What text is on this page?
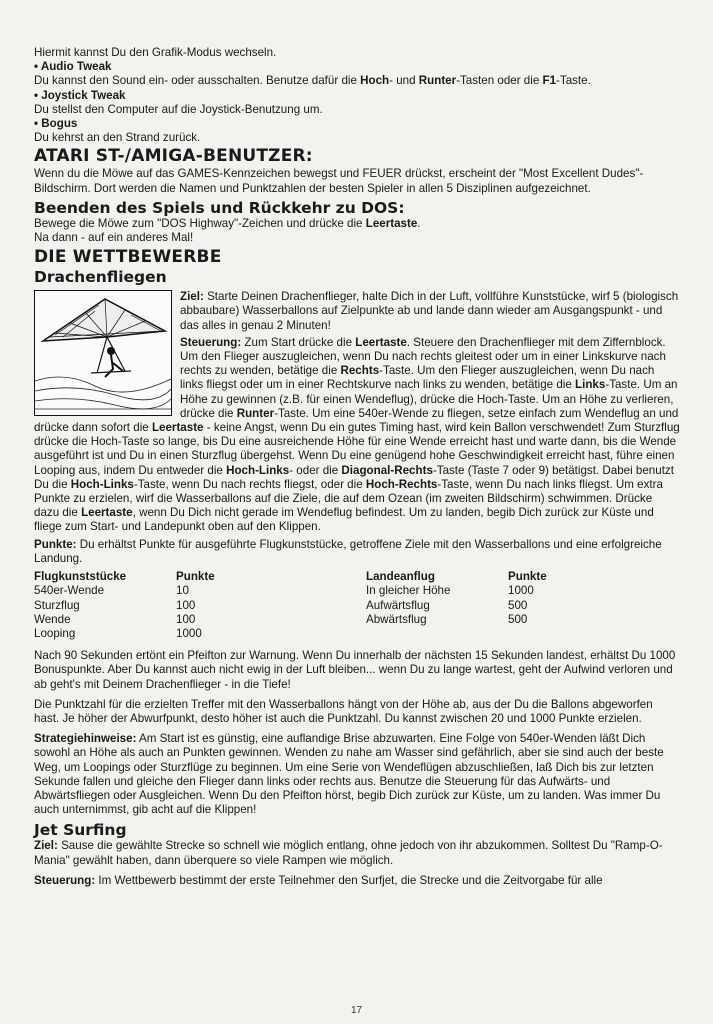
Hiermit kannst Du den Grafik-Modus wechseln.

• Audio Tweak

Du kannst den Sound ein- oder ausschalten. Benutze dafür die Hoch- und Runter-Tasten oder die F1-Taste.

• Joystick Tweak

Du stellst den Computer auf die Joystick-Benutzung um.

• Bogus

Du kehrst an den Strand zurück.

ATARI ST-/AMIGA-BENUTZER:

Wenn du die Möwe auf das GAMES-Kennzeichen bewegst und FEUER drückst, erscheint der "Most Excellent Dudes"-Bildschirm. Dort werden die Namen und Punktzahlen der besten Spieler in allen 5 Disziplinen aufgezeichnet.

Beenden des Spiels und Rückkehr zu DOS:

Bewege die Möwe zum "DOS Highway"-Zeichen und drücke die Leertaste.

Na dann - auf ein anderes Mal!

DIE WETTBEWERBE
Drachenfliegen

Ziel: Starte Deinen Drachenflieger, halte Dich in der Luft, vollführe Kunststücke, wirf 5 (biologisch abbaubare) Wasserballons auf Zielpunkte ab und lande dann wieder am Ausgangspunkt - und das alles in genau 2 Minuten!

Steuerung: Zum Start drücke die Leertaste. Steuere den Drachenflieger mit dem Ziffernblock. Um den Flieger auszugleichen, wenn Du nach rechts gleitest oder um in einer Linkskurve nach rechts zu wenden, betätige die Rechts-Taste. Um den Flieger auszugleichen, wenn Du nach links fliegst oder um in einer Rechtskurve nach links zu wenden, betätige die Links-Taste. Um an Höhe zu gewinnen (z.B. für einen Wendeflug), drücke die Hoch-Taste. Um an Höhe zu verlieren, drücke die Runter-Taste. Um eine 540er-Wende zu fliegen, setze einfach zum Wendeflug an und drücke dann sofort die Leertaste - keine Angst, wenn Du ein gutes Timing hast, wird kein Ballon verschwendet! Zum Sturzflug drücke die Hoch-Taste so lange, bis Du eine ausreichende Höhe für eine Wende erreicht hast und warte dann, bis die Wende ausgeführt ist und Du in einen Sturzflug übergehst. Wenn Du eine genügend hohe Geschwindigkeit erreicht hast, führe einen Looping aus, indem Du entweder die Hoch-Links- oder die Diagonal-Rechts-Taste (Taste 7 oder 9) betätigst. Dabei benutzt Du die Hoch-Links-Taste, wenn Du nach rechts fliegst, oder die Hoch-Rechts-Taste, wenn Du nach links fliegst. Um extra Punkte zu erzielen, wirf die Wasserballons auf die Ziele, die auf dem Ozean (im zweiten Bildschirm) schwimmen. Drücke dazu die Leertaste, wenn Du Dich nicht gerade im Wendeflug befindest. Um zu landen, begib Dich zurück zur Küste und fliege zum Start- und Landepunkt oben auf den Klippen.

Punkte: Du erhältst Punkte für ausgeführte Flugkunststücke, getroffene Ziele mit den Wasserballons und eine erfolgreiche Landung.

Flugkunststücke
540er-Wende
Sturzflug
Wende
Looping
Punkte
10
100
100
1000
Landeanflug
In gleicher Höhe
Aufwärtsflug
Abwärtsflug
Punkte
1000
500
500

Nach 90 Sekunden ertönt ein Pfeifton zur Warnung. Wenn Du innerhalb der nächsten 15 Sekunden landest, erhältst Du 1000 Bonuspunkte. Aber Du kannst auch nicht ewig in der Luft bleiben... wenn Du zu lange wartest, geht der Aufwind verloren und ab geht's mit Deinem Drachenflieger - in die Tiefe!

Die Punktzahl für die erzielten Treffer mit den Wasserballons hängt von der Höhe ab, aus der Du die Ballons abgeworfen hast. Je höher der Abwurfpunkt, desto höher ist auch die Punktzahl. Du kannst zwischen 20 und 1000 Punkte erzielen.

Strategiehinweise: Am Start ist es günstig, eine auflandige Brise abzuwarten. Eine Folge von 540er-Wenden läßt Dich sowohl an Höhe als auch an Punkten gewinnen. Wenden zu nahe am Wasser sind gefährlich, aber sie sind auch der beste Weg, um Loopings oder Sturzflüge zu beginnen. Um eine Serie von Wendeflügen abzuschließen, laß Dich bis zur letzten Sekunde fallen und gleiche den Flieger dann links oder rechts aus. Benutze die Steuerung für das Aufwärts- und Abwärtsfliegen oder Ausgleichen. Wenn Du den Pfeifton hörst, begib Dich zurück zur Küste, um zu landen. Was immer Du auch unternimmst, gib acht auf die Klippen!

Jet Surfing

Ziel: Sause die gewählte Strecke so schnell wie möglich entlang, ohne jedoch von ihr abzukommen. Solltest Du "Ramp-O-Mania" gewählt haben, dann überquere so viele Rampen wie möglich.

Steuerung: Im Wettbewerb bestimmt der erste Teilnehmer den Surfjet, die Strecke und die Zeitvorgabe für alle

17
